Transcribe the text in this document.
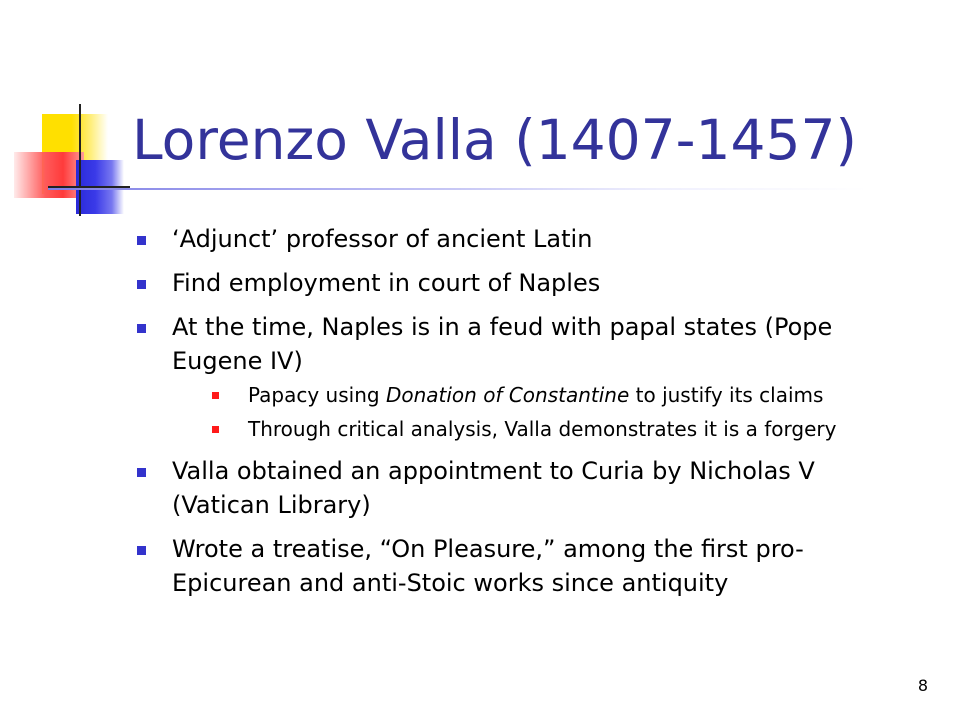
Lorenzo Valla (1407-1457)
‘Adjunct’ professor of ancient Latin
Find employment in court of Naples
At the time, Naples is in a feud with papal states (Pope Eugene IV)
Papacy using Donation of Constantine to justify its claims
Through critical analysis, Valla demonstrates it is a forgery
Valla obtained an appointment to Curia by Nicholas V (Vatican Library)
Wrote a treatise, “On Pleasure,” among the first pro-Epicurean and anti-Stoic works since antiquity
8
